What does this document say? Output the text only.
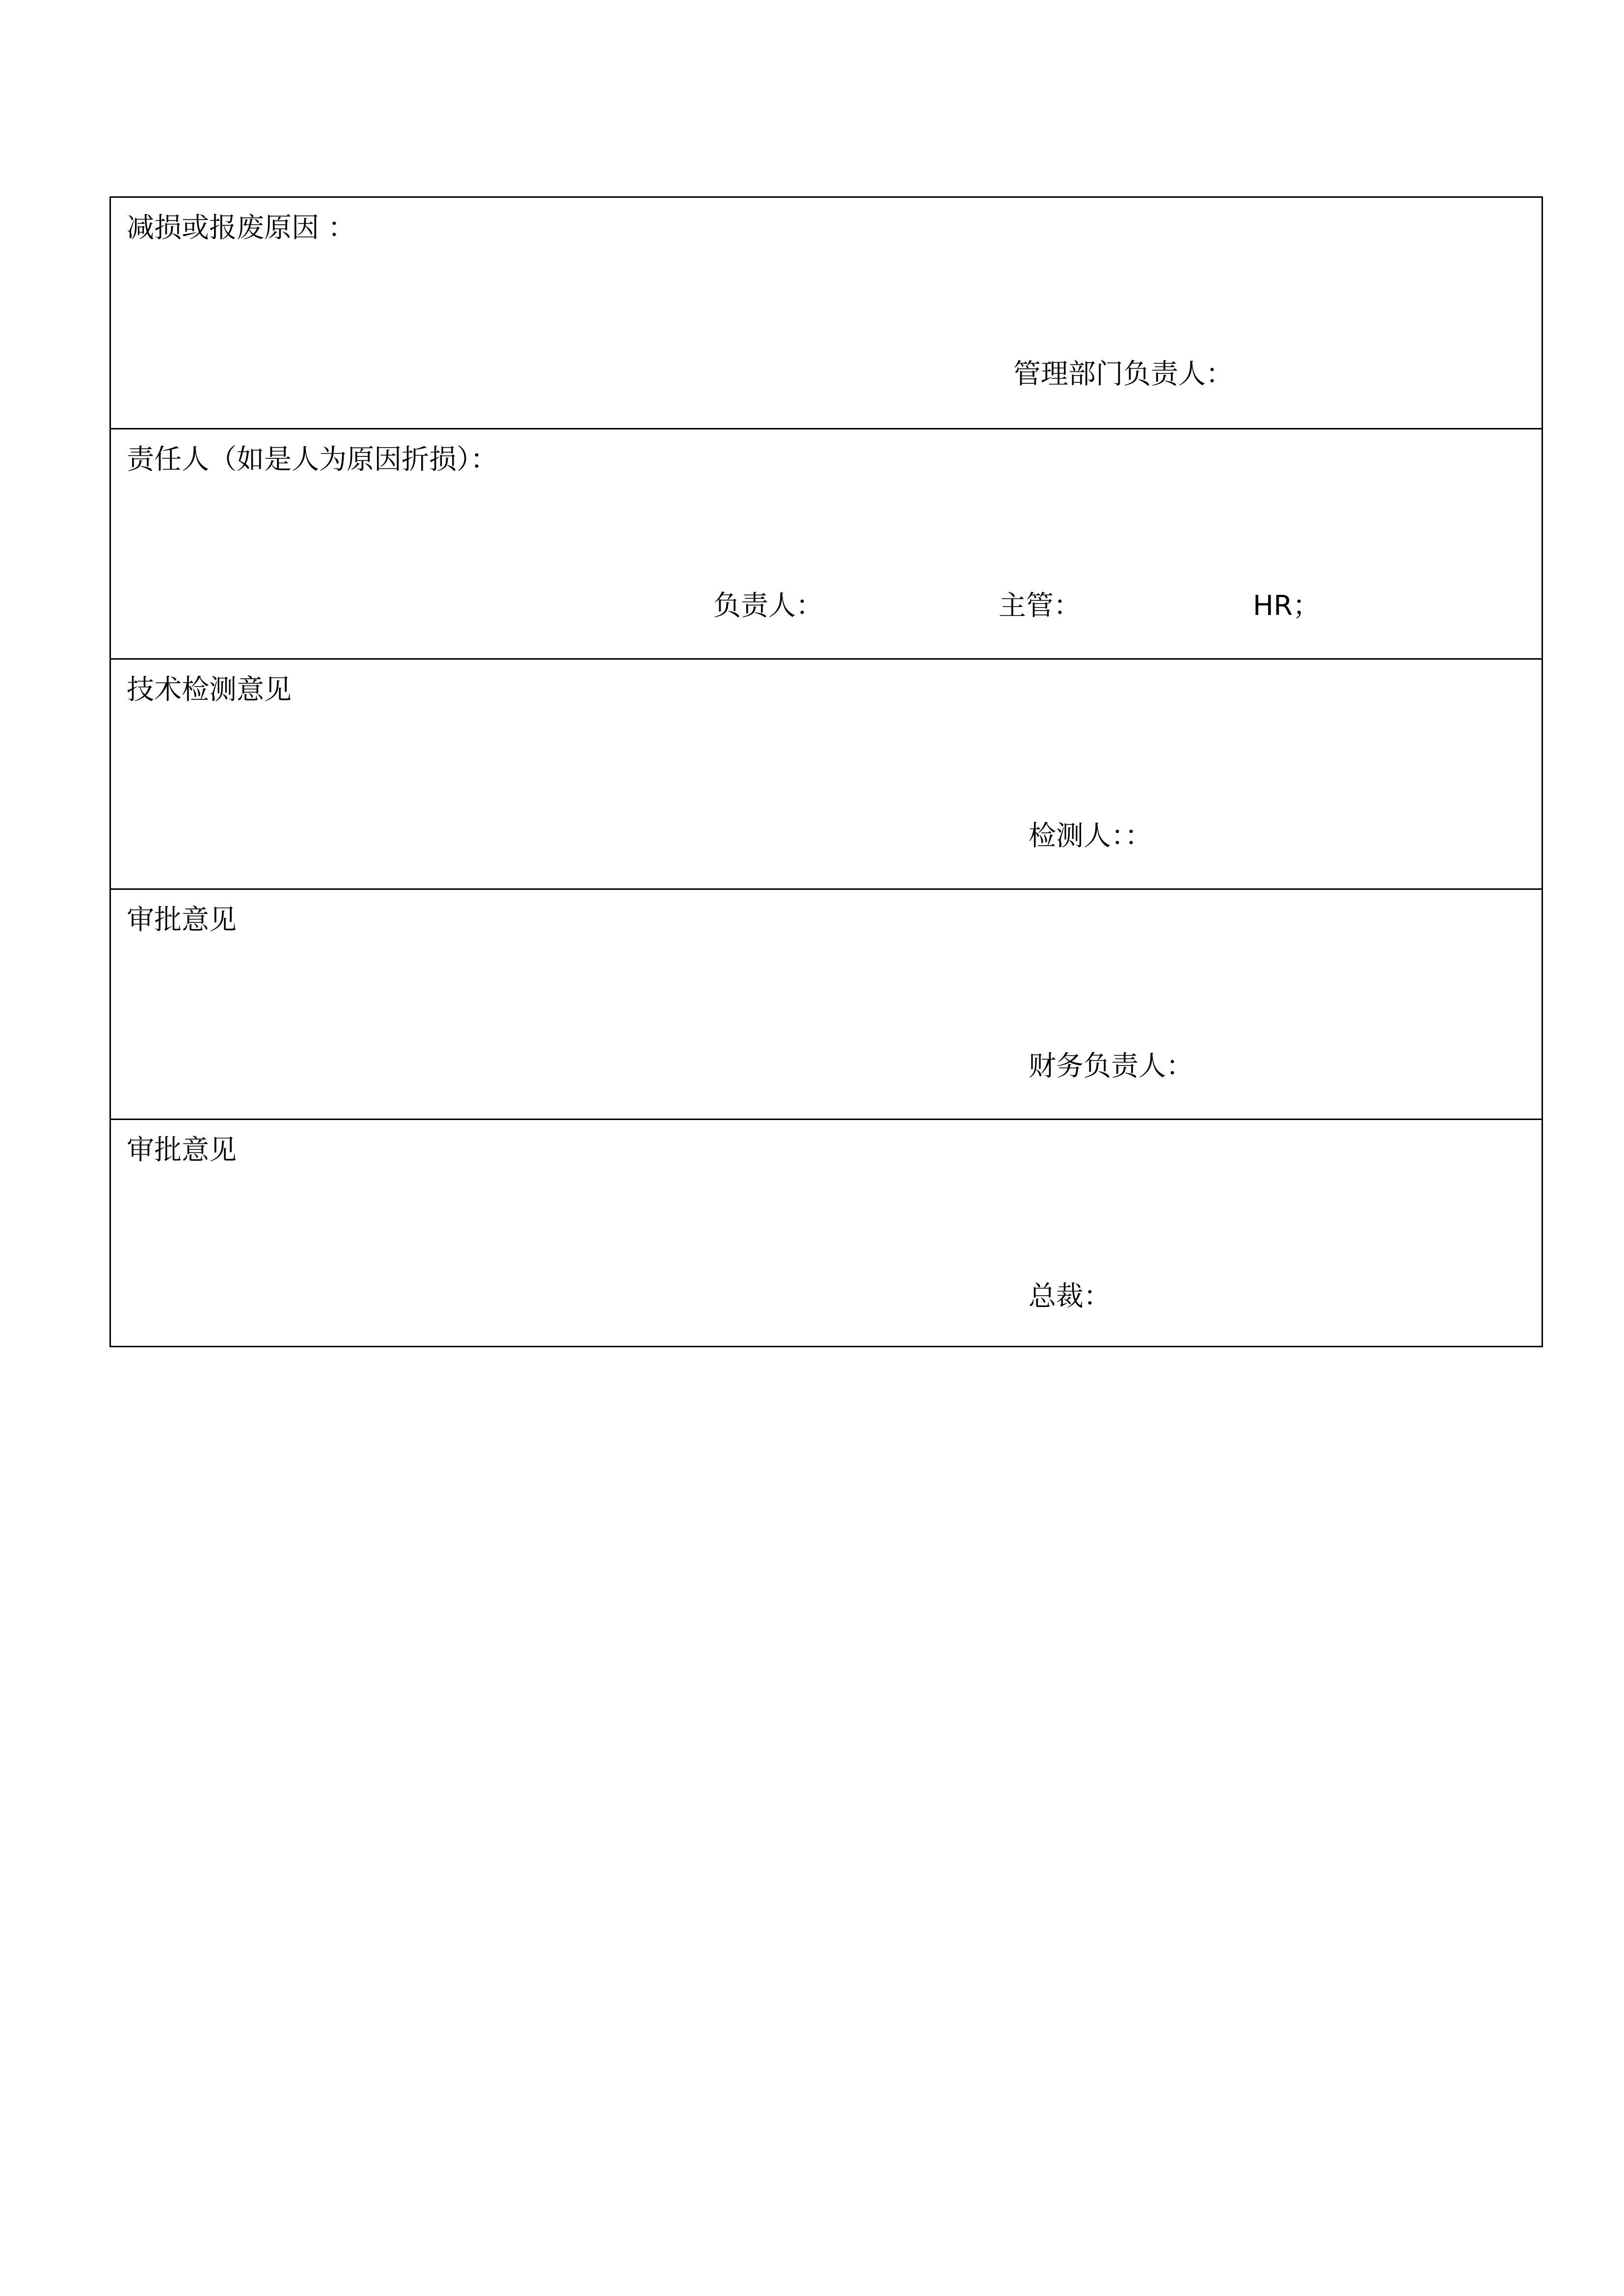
减损或报废原因 ：
管理部门负责人：
责任人（如是人为原因折损）：
负责人：	主管：	HR；
技术检测意见
检测人：：
审批意见
财务负责人：
审批意见
总裁：
